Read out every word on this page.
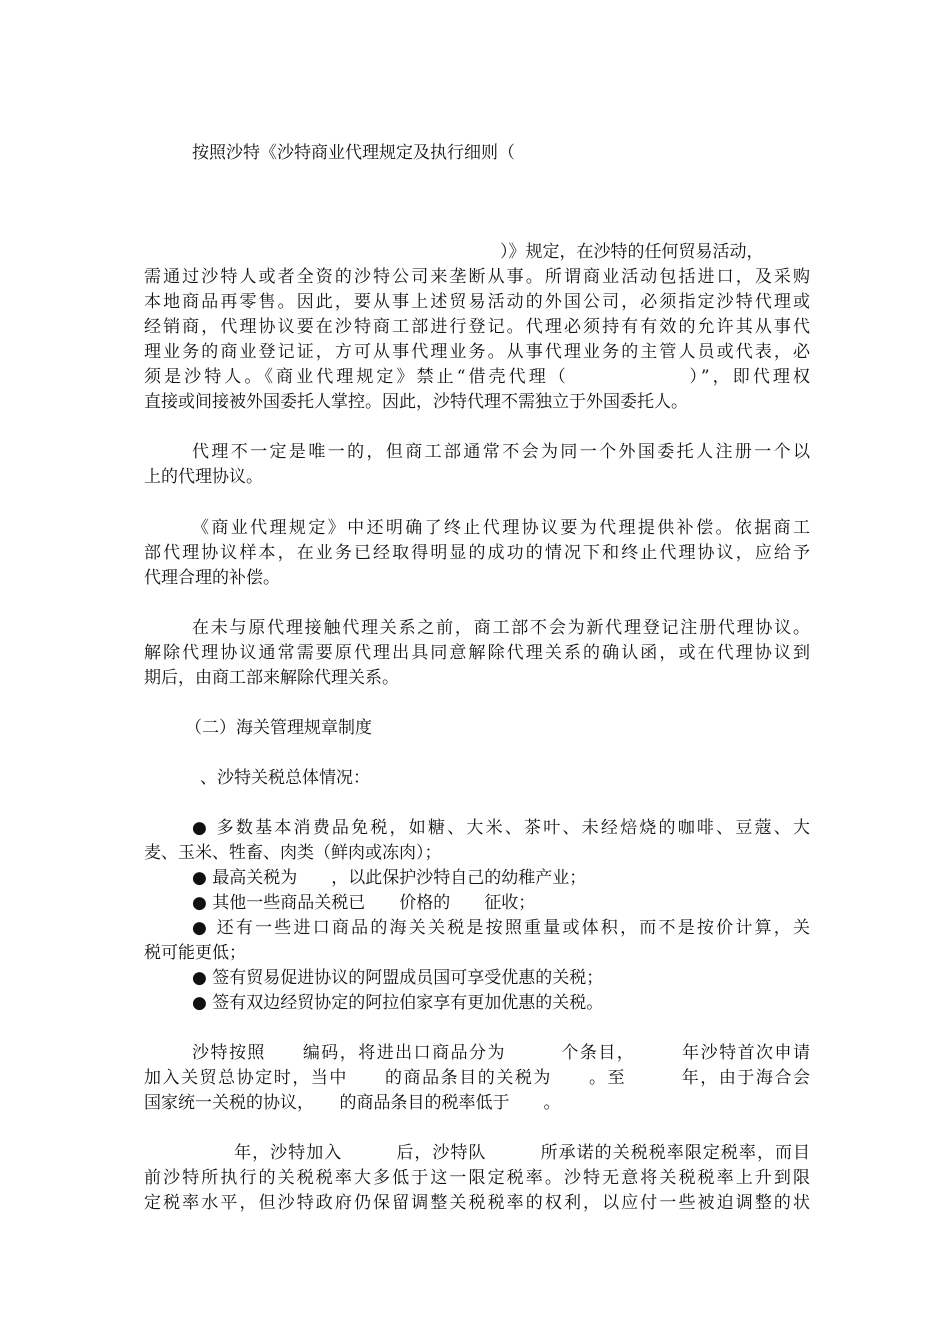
按照沙特《沙特商业代理规定及执行细则（
）》规定，在沙特的任何贸易活动，
需通过沙特人或者全资的沙特公司来垄断从事。所谓商业活动包括进口，及采购
本地商品再零售。因此，要从事上述贸易活动的外国公司，必须指定沙特代理或
经销商，代理协议要在沙特商工部进行登记。代理必须持有有效的允许其从事代
理业务的商业登记证，方可从事代理业务。从事代理业务的主管人员或代表，必
须是沙特人。《商业代理规定》禁止“借壳代理（　　　　　　）”，即代理权
直接或间接被外国委托人掌控。因此，沙特代理不需独立于外国委托人。
代理不一定是唯一的，但商工部通常不会为同一个外国委托人注册一个以
上的代理协议。
《商业代理规定》中还明确了终止代理协议要为代理提供补偿。依据商工
部代理协议样本，在业务已经取得明显的成功的情况下和终止代理协议，应给予
代理合理的补偿。
在未与原代理接触代理关系之前，商工部不会为新代理登记注册代理协议。
解除代理协议通常需要原代理出具同意解除代理关系的确认函，或在代理协议到
期后，由商工部来解除代理关系。
（二）海关管理规章制度
、沙特关税总体情况：
● 多数基本消费品免税，如糖、大米、茶叶、未经焙烧的咖啡、豆蔻、大
麦、玉米、牲畜、肉类（鲜肉或冻肉）；
● 最高关税为　　，以此保护沙特自己的幼稚产业；
● 其他一些商品关税已　　价格的　　征收；
● 还有一些进口商品的海关关税是按照重量或体积，而不是按价计算，关
税可能更低；
● 签有贸易促进协议的阿盟成员国可享受优惠的关税；
● 签有双边经贸协定的阿拉伯家享有更加优惠的关税。
沙特按照　　编码，将进出口商品分为　　　个条目，　　　年沙特首次申请
加入关贸总协定时，当中　　的商品条目的关税为　　。至　　　年，由于海合会
国家统一关税的协议，　　的商品条目的税率低于　　。
　　　年，沙特加入　　　后，沙特队　　　所承诺的关税税率限定税率，而目
前沙特所执行的关税税率大多低于这一限定税率。沙特无意将关税税率上升到限
定税率水平，但沙特政府仍保留调整关税税率的权利，以应付一些被迫调整的状
